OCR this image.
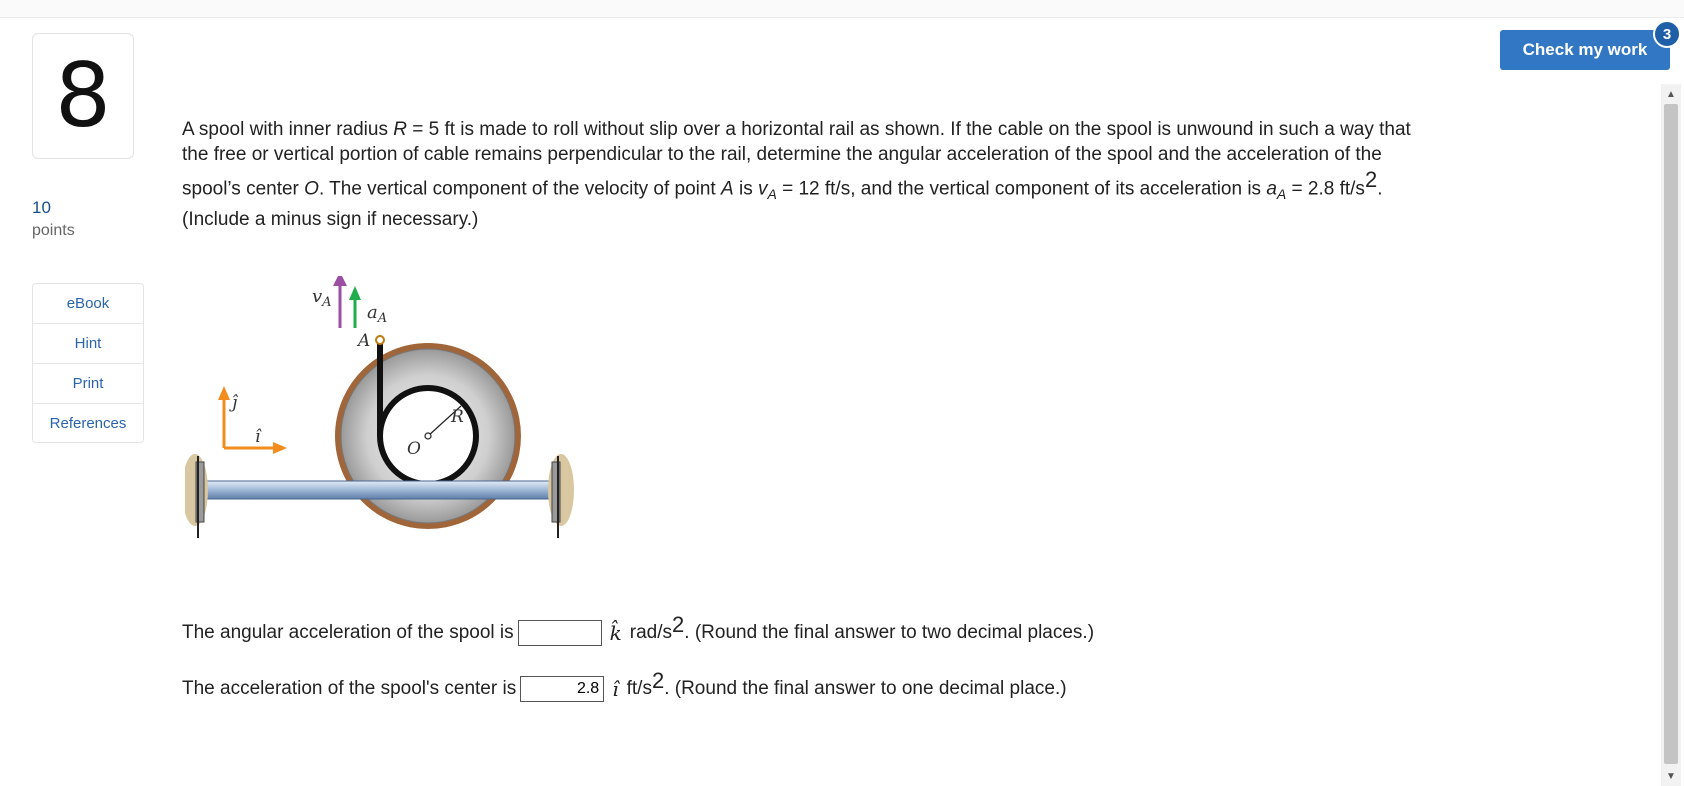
8
10
points
eBook
Hint
Print
References
Check my work
3
▲
▼
A spool with inner radius R = 5 ft is made to roll without slip over a horizontal rail as shown. If the cable on the spool is unwound in such a way that the free or vertical portion of cable remains perpendicular to the rail, determine the angular acceleration of the spool and the acceleration of the spool’s center O. The vertical component of the velocity of point A is $v_A = 12$ ft/s, and the vertical component of its acceleration is $a_A = 2.8$ $ft/s^2$. (Include a minus sign if necessary.)
$v_A$ $a_A$
A
R
O
ĵ
î
The angular acceleration of the spool is	k̂ rad/$s^2$ . (Round the final answer to two decimal places.)
The acceleration of the spool's center is
2.8	î $ft/s^2$ . (Round the final answer to one decimal place.)
